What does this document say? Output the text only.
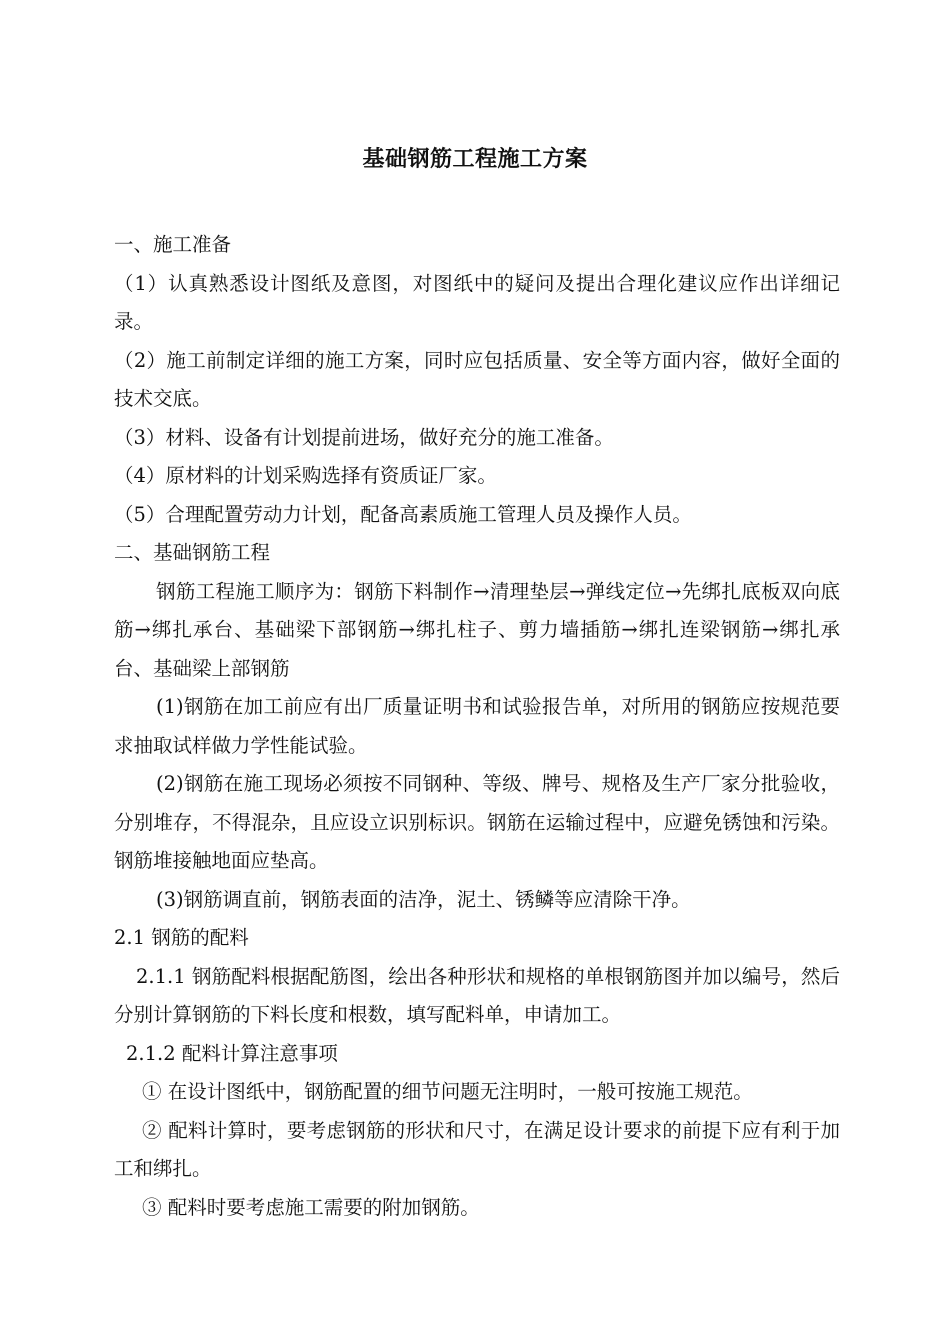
基础钢筋工程施工方案

一、施工准备

（1）认真熟悉设计图纸及意图，对图纸中的疑问及提出合理化建议应作出详细记录。

（2）施工前制定详细的施工方案，同时应包括质量、安全等方面内容，做好全面的技术交底。

（3）材料、设备有计划提前进场，做好充分的施工准备。

（4）原材料的计划采购选择有资质证厂家。

（5）合理配置劳动力计划，配备高素质施工管理人员及操作人员。

二、基础钢筋工程

钢筋工程施工顺序为：钢筋下料制作→清理垫层→弹线定位→先绑扎底板双向底筋→绑扎承台、基础梁下部钢筋→绑扎柱子、剪力墙插筋→绑扎连梁钢筋→绑扎承台、基础梁上部钢筋

(1)钢筋在加工前应有出厂质量证明书和试验报告单，对所用的钢筋应按规范要求抽取试样做力学性能试验。

(2)钢筋在施工现场必须按不同钢种、等级、牌号、规格及生产厂家分批验收，分别堆存，不得混杂，且应设立识别标识。钢筋在运输过程中，应避免锈蚀和污染。钢筋堆接触地面应垫高。

(3)钢筋调直前，钢筋表面的洁净，泥土、锈鳞等应清除干净。

2.1 钢筋的配料

2.1.1 钢筋配料根据配筋图，绘出各种形状和规格的单根钢筋图并加以编号，然后分别计算钢筋的下料长度和根数，填写配料单，申请加工。

2.1.2 配料计算注意事项

① 在设计图纸中，钢筋配置的细节问题无注明时，一般可按施工规范。

② 配料计算时，要考虑钢筋的形状和尺寸，在满足设计要求的前提下应有利于加工和绑扎。

③ 配料时要考虑施工需要的附加钢筋。
